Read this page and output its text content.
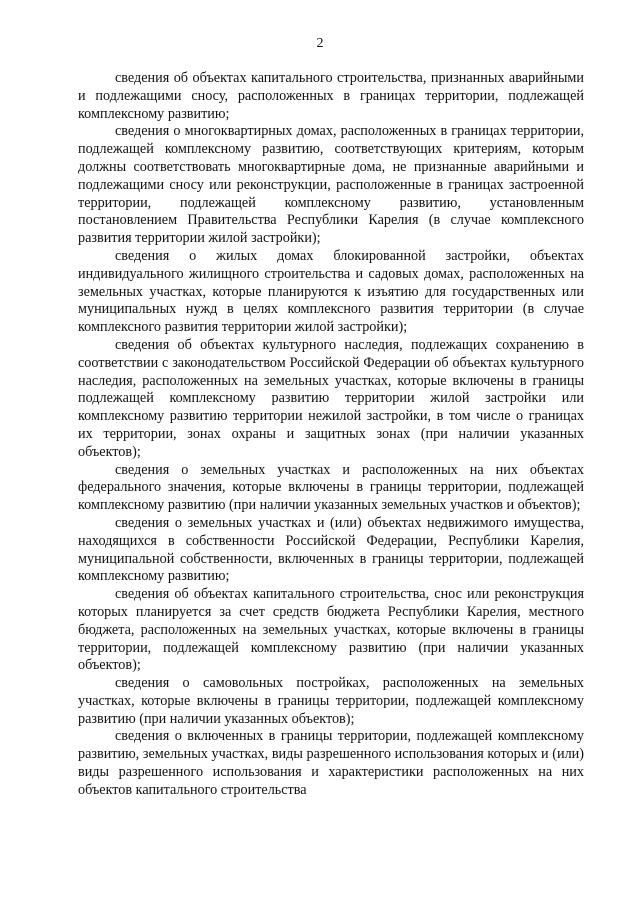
2

сведения об объектах капитального строительства, признанных аварийными и подлежащими сносу, расположенных в границах территории, подлежащей комплексному развитию;

сведения о многоквартирных домах, расположенных в границах территории, подлежащей комплексному развитию, соответствующих критериям, которым должны соответствовать многоквартирные дома, не признанные аварийными и подлежащими сносу или реконструкции, расположенные в границах застроенной территории, подлежащей комплексному развитию, установленным постановлением Правительства Республики Карелия (в случае комплексного развития территории жилой застройки);

сведения о жилых домах блокированной застройки, объектах индивидуального жилищного строительства и садовых домах, расположенных на земельных участках, которые планируются к изъятию для государственных или муниципальных нужд в целях комплексного развития территории (в случае комплексного развития территории жилой застройки);

сведения об объектах культурного наследия, подлежащих сохранению в соответствии с законодательством Российской Федерации об объектах культурного наследия, расположенных на земельных участках, которые включены в границы подлежащей комплексному развитию территории жилой застройки или комплексному развитию территории нежилой застройки, в том числе о границах их территории, зонах охраны и защитных зонах (при наличии указанных объектов);

сведения о земельных участках и расположенных на них объектах федерального значения, которые включены в границы территории, подлежащей комплексному развитию (при наличии указанных земельных участков и объектов);

сведения о земельных участках и (или) объектах недвижимого имущества, находящихся в собственности Российской Федерации, Республики Карелия, муниципальной собственности, включенных в границы территории, подлежащей комплексному развитию;

сведения об объектах капитального строительства, снос или реконструкция которых планируется за счет средств бюджета Республики Карелия, местного бюджета, расположенных на земельных участках, которые включены в границы территории, подлежащей комплексному развитию (при наличии указанных объектов);

сведения о самовольных постройках, расположенных на земельных участках, которые включены в границы территории, подлежащей комплексному развитию (при наличии указанных объектов);

сведения о включенных в границы территории, подлежащей комплексному развитию, земельных участках, виды разрешенного использования которых и (или) виды разрешенного использования и характеристики расположенных на них объектов капитального строительства
